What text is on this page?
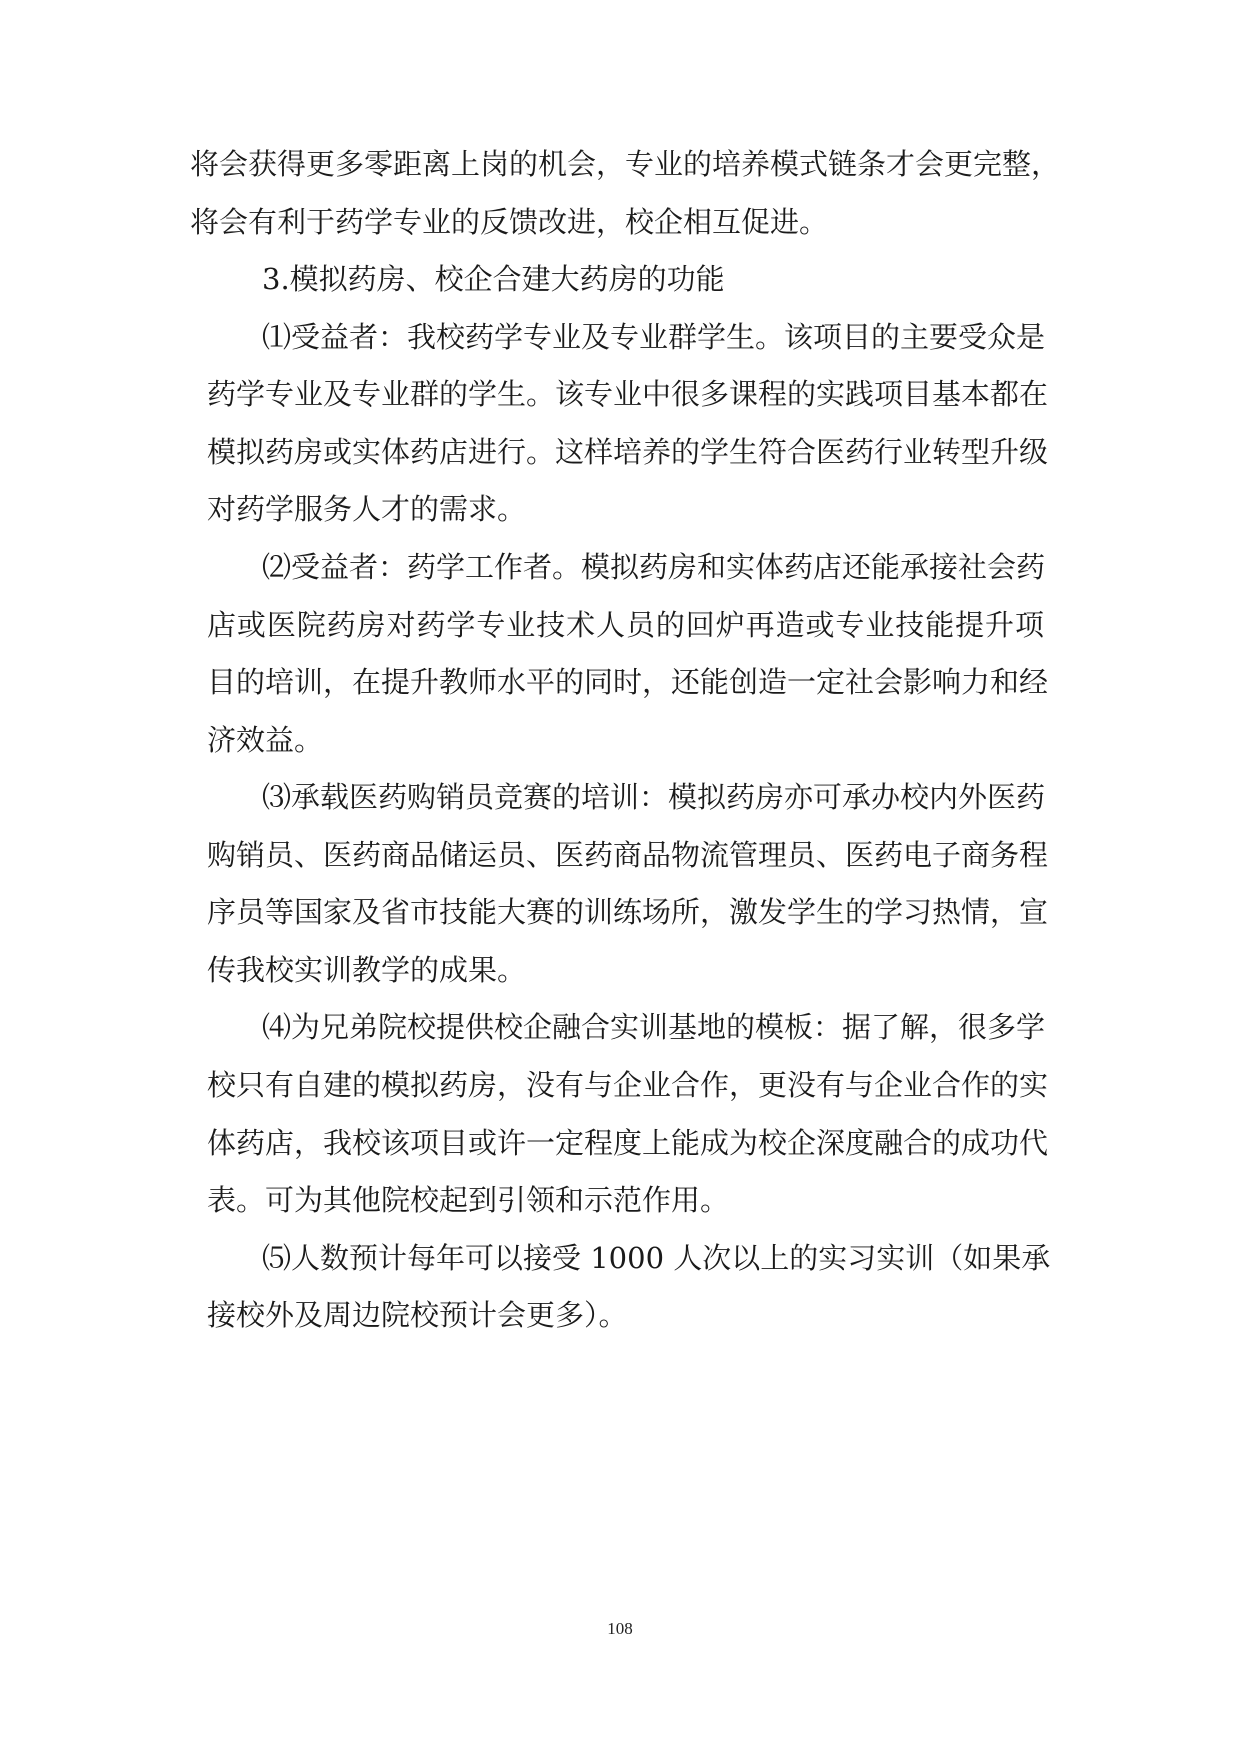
将会获得更多零距离上岗的机会，专业的培养模式链条才会更完整，
将会有利于药学专业的反馈改进，校企相互促进。
3.模拟药房、校企合建大药房的功能
⑴受益者：我校药学专业及专业群学生。该项目的主要受众是
药学专业及专业群的学生。该专业中很多课程的实践项目基本都在
模拟药房或实体药店进行。这样培养的学生符合医药行业转型升级
对药学服务人才的需求。
⑵受益者：药学工作者。模拟药房和实体药店还能承接社会药
店或医院药房对药学专业技术人员的回炉再造或专业技能提升项
目的培训，在提升教师水平的同时，还能创造一定社会影响力和经
济效益。
⑶承载医药购销员竞赛的培训：模拟药房亦可承办校内外医药
购销员、医药商品储运员、医药商品物流管理员、医药电子商务程
序员等国家及省市技能大赛的训练场所，激发学生的学习热情，宣
传我校实训教学的成果。
⑷为兄弟院校提供校企融合实训基地的模板：据了解，很多学
校只有自建的模拟药房，没有与企业合作，更没有与企业合作的实
体药店，我校该项目或许一定程度上能成为校企深度融合的成功代
表。可为其他院校起到引领和示范作用。
⑸人数预计每年可以接受 1000 人次以上的实习实训（如果承
接校外及周边院校预计会更多）。
108
